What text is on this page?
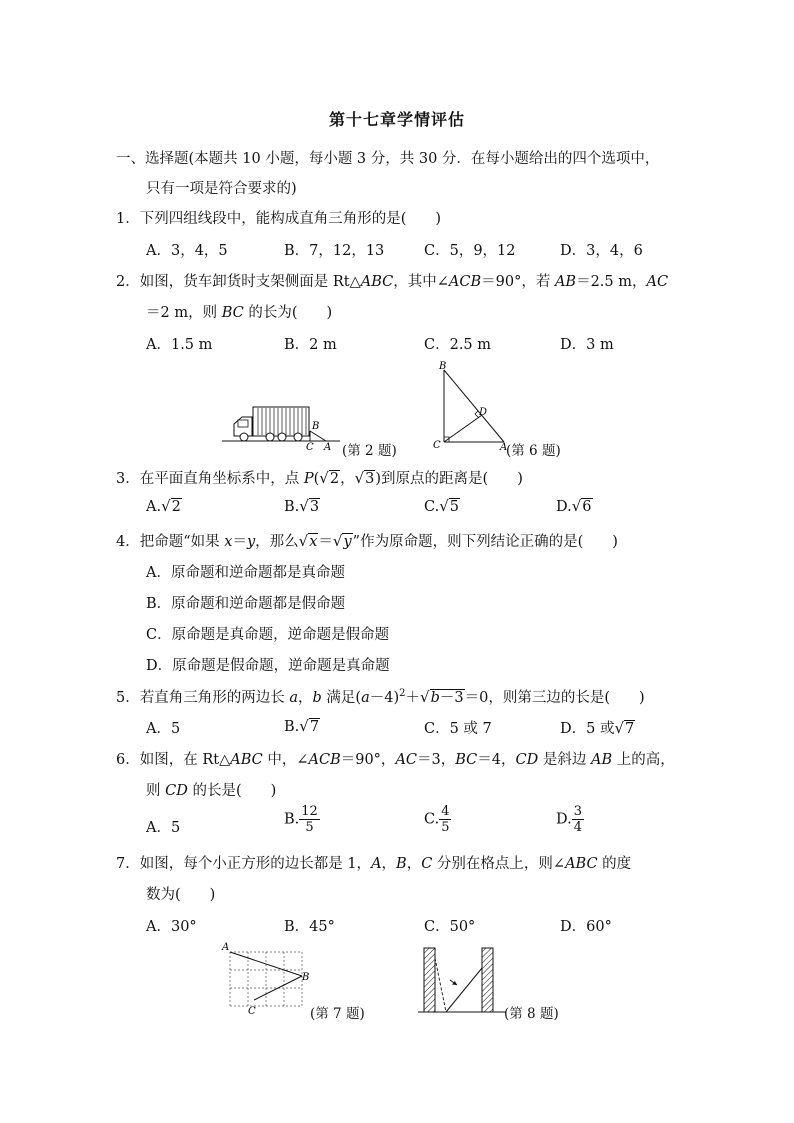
第十七章学情评估
一、选择题(本题共 10 小题，每小题 3 分，共 30 分．在每小题给出的四个选项中，
只有一项是符合要求的)
1．下列四组线段中，能构成直角三角形的是(　　)
A．3，4，5	B．7，12，13	C．5，9，12	D．3，4，6
2．如图，货车卸货时支架侧面是 Rt△ABC，其中∠ACB＝90°，若 AB＝2.5 m，AC
＝2 m，则 BC 的长为(　　)
A．1.5 m	B．2 m	C．2.5 m	D．3 m
B
C A (第 2 题)
B
D
C	A
(第 6 题)
3．在平面直角坐标系中，点 P(√2，√3)到原点的距离是(　　)
A.√2	B.√3	C.√5	D.√6
4．把命题“如果 x＝y，那么√x＝√y”作为原命题，则下列结论正确的是(　　)
A．原命题和逆命题都是真命题
B．原命题和逆命题都是假命题
C．原命题是真命题，逆命题是假命题
D．原命题是假命题，逆命题是真命题
5．若直角三角形的两边长 a，b 满足$(a-4)^2+√b-3=0$，则第三边的长是(　　)
A．5	B.√7	C．5 或 7	D．5 或√7
6．如图，在 Rt△ABC 中，∠ACB＝90°，AC＝3，BC＝4，CD 是斜边 AB 上的高，
则 CD 的长是(　　)
A．5
B. $\frac{12}{5}$	C. $\frac{4}{5}$	D. $\frac{3}{4}$
7．如图，每个小正方形的边长都是 1，A，B，C 分别在格点上，则∠ABC 的度
数为(　　)
A．30°	B．45°	C．50°	D．60°
A
B
C	(第 7 题)	(第 8 题)
